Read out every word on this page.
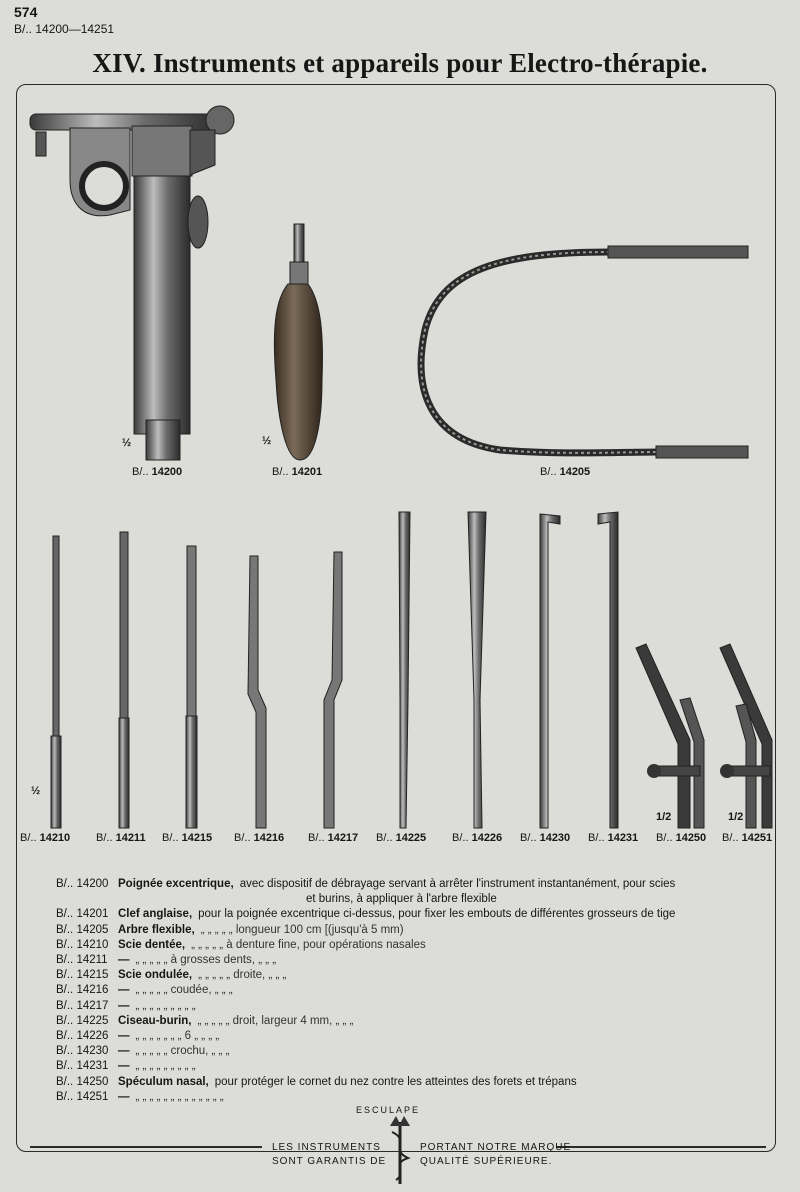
574
B/.. 14200—14251
XIV. Instruments et appareils pour Electro-thérapie.
½	½
½
1/2	1/2
B/.. 14200	B/.. 14201	B/.. 14205
B/.. 14210 B/.. 14211 B/.. 14215 B/.. 14216 B/.. 14217 B/.. 14225 B/.. 14226 B/.. 14230 B/.. 14231 B/.. 14250 B/.. 14251
B/.. 14200 Poignée excentrique, avec dispositif de débrayage servant à arrêter l'instrument instantanément, pour scies
et burins, à appliquer à l'arbre flexible
B/.. 14201 Clef anglaise, pour la poignée excentrique ci-dessus, pour fixer les embouts de différentes grosseurs de tige
B/.. 14205 Arbre flexible, „ „ „ „ „ longueur 100 cm [(jusqu'à 5 mm)
B/.. 14210 Scie dentée, „ „ „ „ „ à denture fine, pour opérations nasales
B/.. 14211 — „ „ „ „ „ à grosses dents, „ „ „
B/.. 14215 Scie ondulée, „ „ „ „ „ droite, „ „ „
B/.. 14216 — „ „ „ „ „ coudée, „ „ „
B/.. 14217 — „ „ „ „ „ „ „ „ „
B/.. 14225 Ciseau-burin, „ „ „ „ „ droit, largeur 4 mm, „ „ „
B/.. 14226 — „ „ „ „ „ „ „ 6 „ „ „ „
B/.. 14230 — „ „ „ „ „ crochu, „ „ „
B/.. 14231 — „ „ „ „ „ „ „ „ „
B/.. 14250 Spéculum nasal, pour protéger le cornet du nez contre les atteintes des forets et trépans
B/.. 14251 — „ „ „ „ „ „ „ „ „ „ „ „ „
ESCULAPE
LES INSTRUMENTS
SONT GARANTIS DE
PORTANT NOTRE MARQUE
QUALITÉ SUPÉRIEURE.
